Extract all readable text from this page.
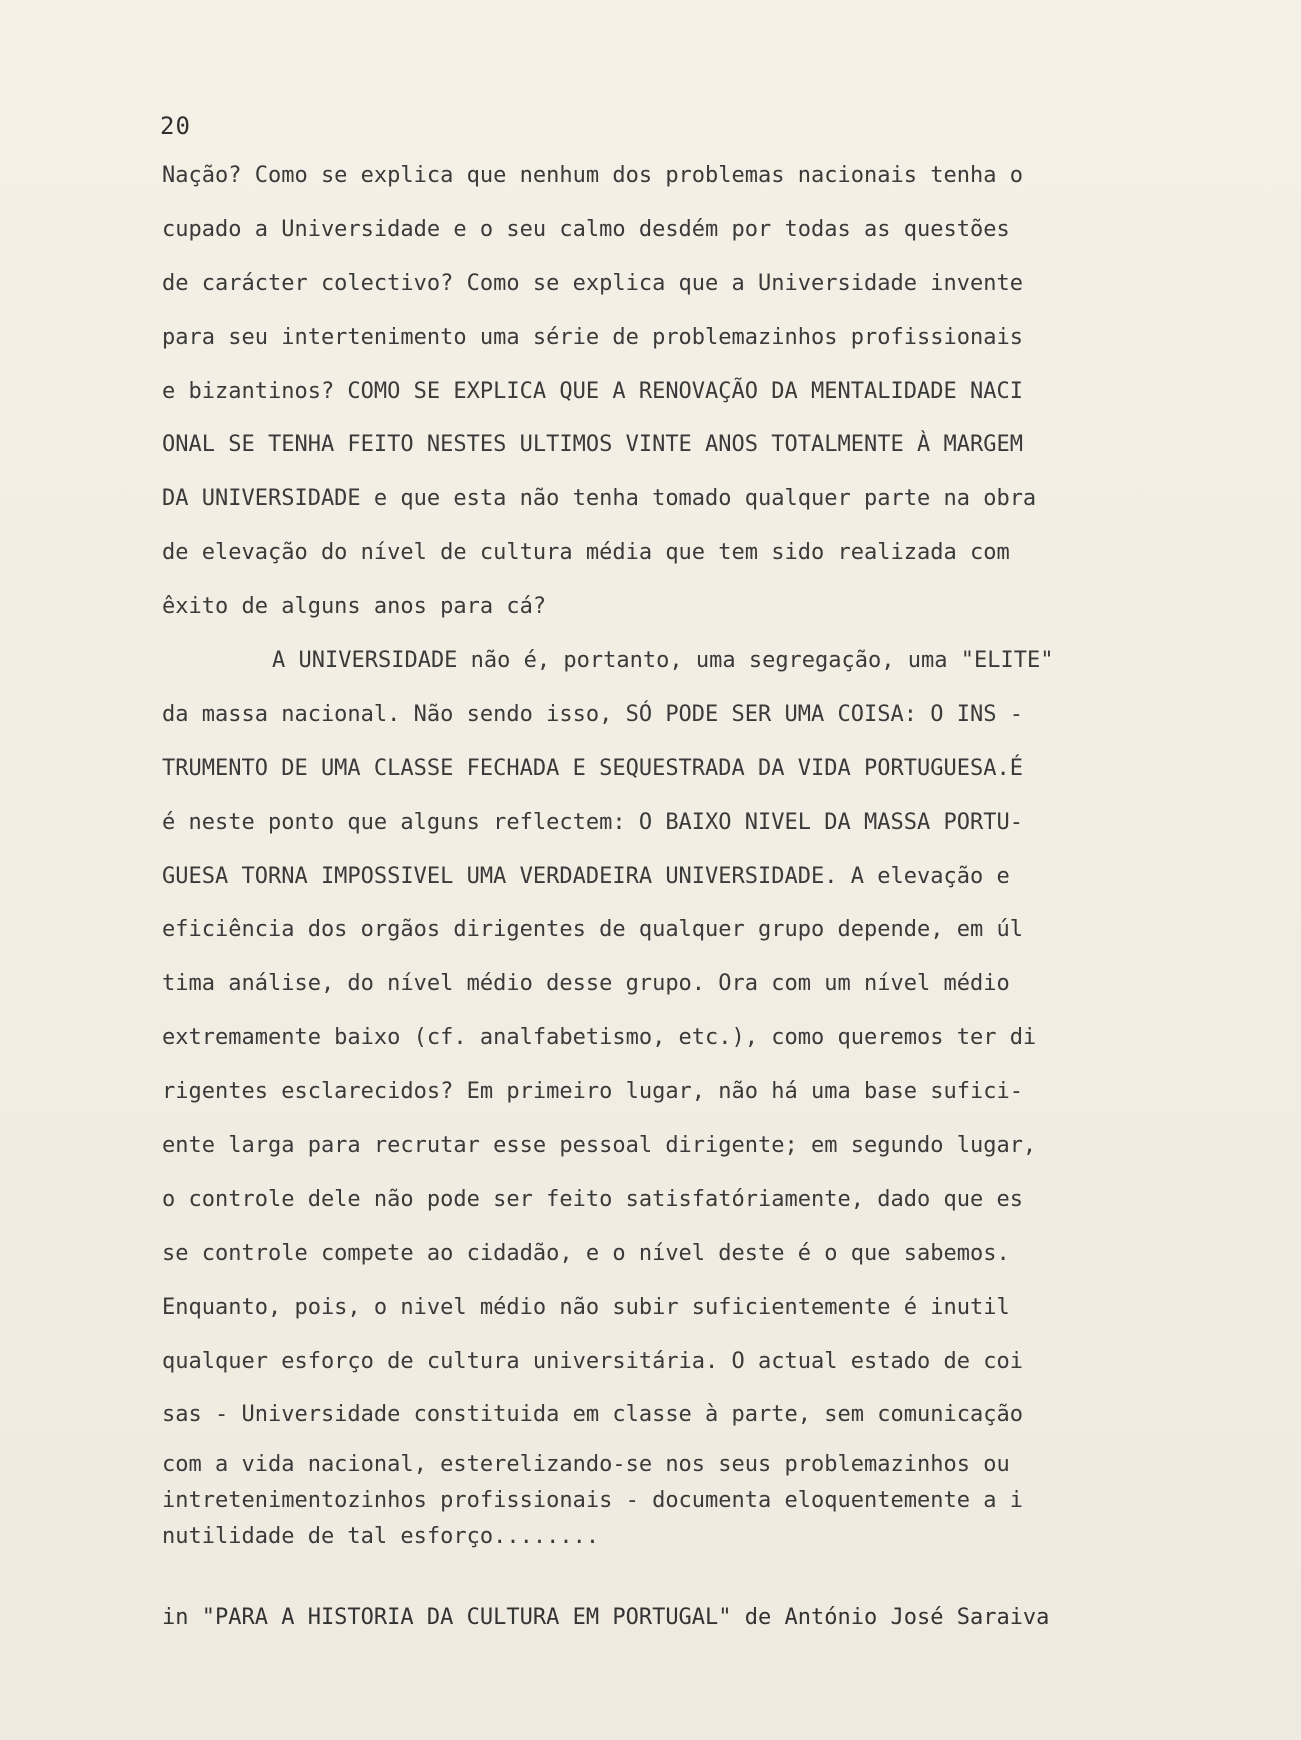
20
Nação? Como se explica que nenhum dos problemas nacionais tenha o
cupado a Universidade e o seu calmo desdém por todas as questões
de carácter colectivo? Como se explica que a Universidade invente
para seu intertenimento uma série de problemazinhos profissionais
e bizantinos? COMO SE EXPLICA QUE A RENOVAÇÃO DA MENTALIDADE NACI
ONAL SE TENHA FEITO NESTES ULTIMOS VINTE ANOS TOTALMENTE À MARGEM
DA UNIVERSIDADE e que esta não tenha tomado qualquer parte na obra
de elevação do nível de cultura média que tem sido realizada com
êxito de alguns anos para cá?
A UNIVERSIDADE não é, portanto, uma segregação, uma "ELITE"
da massa nacional. Não sendo isso, SÓ PODE SER UMA COISA: O INS -
TRUMENTO DE UMA CLASSE FECHADA E SEQUESTRADA DA VIDA PORTUGUESA.É
é neste ponto que alguns reflectem: O BAIXO NIVEL DA MASSA PORTU-
GUESA TORNA IMPOSSIVEL UMA VERDADEIRA UNIVERSIDADE. A elevação e
eficiência dos orgãos dirigentes de qualquer grupo depende, em úl
tima análise, do nível médio desse grupo. Ora com um nível médio
extremamente baixo (cf. analfabetismo, etc.), como queremos ter di
rigentes esclarecidos? Em primeiro lugar, não há uma base sufici-
ente larga para recrutar esse pessoal dirigente; em segundo lugar,
o controle dele não pode ser feito satisfatóriamente, dado que es
se controle compete ao cidadão, e o nível deste é o que sabemos.
Enquanto, pois, o nivel médio não subir suficientemente é inutil
qualquer esforço de cultura universitária. O actual estado de coi
sas - Universidade constituida em classe à parte, sem comunicação
com a vida nacional, esterelizando-se nos seus problemazinhos ou
intretenimentozinhos profissionais - documenta eloquentemente a i
nutilidade de tal esforço........
in "PARA A HISTORIA DA CULTURA EM PORTUGAL" de António José Saraiva
